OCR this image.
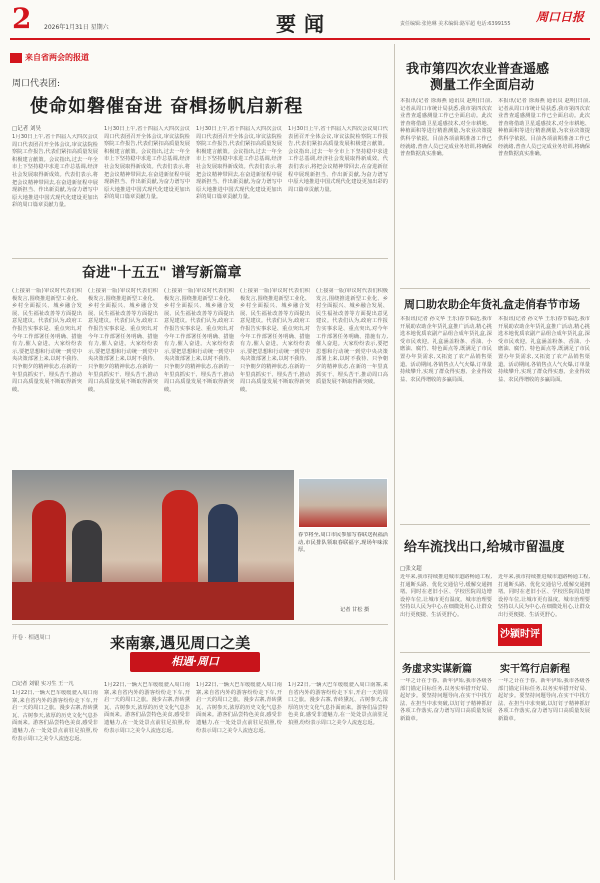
2 2026年1月31日 星期六	要闻	责任编辑:张艳琳 美术编辑:路军超 电话:6399155 周口日报
来自省两会的报道
周口代表团:
使命如磐催奋进 奋楫扬帆启新程
□记者 刘昊
1月30日上午,省十四届人大四次会议周口代表团召开全体会议,审议法院检察院工作报告,代表们紧扣高质量发展积极建言献策。会议指出,过去一年全市上下坚持稳中求进工作总基调,经济社会发展取得新成效。代表们表示,将把会议精神带回去,在奋进新征程中展现新担当、作出新贡献,为奋力谱写中原大地推进中国式现代化建设更加出彩的周口篇章贡献力量。
1月30日上午,省十四届人大四次会议周口代表团召开全体会议,审议法院检察院工作报告,代表们紧扣高质量发展积极建言献策。会议指出,过去一年全市上下坚持稳中求进工作总基调,经济社会发展取得新成效。代表们表示,将把会议精神带回去,在奋进新征程中展现新担当、作出新贡献,为奋力谱写中原大地推进中国式现代化建设更加出彩的周口篇章贡献力量。
1月30日上午,省十四届人大四次会议周口代表团召开全体会议,审议法院检察院工作报告,代表们紧扣高质量发展积极建言献策。会议指出,过去一年全市上下坚持稳中求进工作总基调,经济社会发展取得新成效。代表们表示,将把会议精神带回去,在奋进新征程中展现新担当、作出新贡献,为奋力谱写中原大地推进中国式现代化建设更加出彩的周口篇章贡献力量。
1月30日上午,省十四届人大四次会议周口代表团召开全体会议,审议法院检察院工作报告,代表们紧扣高质量发展积极建言献策。会议指出,过去一年全市上下坚持稳中求进工作总基调,经济社会发展取得新成效。代表们表示,将把会议精神带回去,在奋进新征程中展现新担当、作出新贡献,为奋力谱写中原大地推进中国式现代化建设更加出彩的周口篇章贡献力量。
奋进"十五五" 谱写新篇章
(上接第一版)审议时代表们积极发言,围绕推进新型工业化、乡村全面振兴、城乡融合发展、民生福祉改善等方面提出意见建议。代表们认为,政府工作报告实事求是、重点突出,对今年工作部署任务明确、措施有力,催人奋进。大家纷纷表示,要把思想和行动统一到党中央决策部署上来,以时不我待、只争朝夕的精神状态,在新的一年里真抓实干、埋头苦干,推动周口高质量发展不断取得新突破。
(上接第一版)审议时代表们积极发言,围绕推进新型工业化、乡村全面振兴、城乡融合发展、民生福祉改善等方面提出意见建议。代表们认为,政府工作报告实事求是、重点突出,对今年工作部署任务明确、措施有力,催人奋进。大家纷纷表示,要把思想和行动统一到党中央决策部署上来,以时不我待、只争朝夕的精神状态,在新的一年里真抓实干、埋头苦干,推动周口高质量发展不断取得新突破。
(上接第一版)审议时代表们积极发言,围绕推进新型工业化、乡村全面振兴、城乡融合发展、民生福祉改善等方面提出意见建议。代表们认为,政府工作报告实事求是、重点突出,对今年工作部署任务明确、措施有力,催人奋进。大家纷纷表示,要把思想和行动统一到党中央决策部署上来,以时不我待、只争朝夕的精神状态,在新的一年里真抓实干、埋头苦干,推动周口高质量发展不断取得新突破。
(上接第一版)审议时代表们积极发言,围绕推进新型工业化、乡村全面振兴、城乡融合发展、民生福祉改善等方面提出意见建议。代表们认为,政府工作报告实事求是、重点突出,对今年工作部署任务明确、措施有力,催人奋进。大家纷纷表示,要把思想和行动统一到党中央决策部署上来,以时不我待、只争朝夕的精神状态,在新的一年里真抓实干、埋头苦干,推动周口高质量发展不断取得新突破。
(上接第一版)审议时代表们积极发言,围绕推进新型工业化、乡村全面振兴、城乡融合发展、民生福祉改善等方面提出意见建议。代表们认为,政府工作报告实事求是、重点突出,对今年工作部署任务明确、措施有力,催人奋进。大家纷纷表示,要把思想和行动统一到党中央决策部署上来,以时不我待、只争朝夕的精神状态,在新的一年里真抓实干、埋头苦干,推动周口高质量发展不断取得新突破。
春节将至,周口市民参加写春联送祝福活动,市民排队领取春联福字,现场年味浓厚。
记者 甘松 摄
我市第四次农业普查遥感
测量工作全面启动
本报讯(记者 徐海燕 通讯员 赵明)日前,记者从周口市统计局获悉,我市第四次农业普查遥感测量工作已全面启动。此次普查将借助卫星遥感技术,对全市耕地、种植面积等进行精准测量,为农业决策提供科学依据。目前各项前期准备工作已经就绪,普查人员已完成业务培训,将确保普查数据真实准确。
本报讯(记者 徐海燕 通讯员 赵明)日前,记者从周口市统计局获悉,我市第四次农业普查遥感测量工作已全面启动。此次普查将借助卫星遥感技术,对全市耕地、种植面积等进行精准测量,为农业决策提供科学依据。目前各项前期准备工作已经就绪,普查人员已完成业务培训,将确保普查数据真实准确。
周口助农助企年货礼盒走俏春节市场
本报讯(记者 孙文华 王乐)春节临近,我市开展助农助企年货礼盒推广活动,精心挑选本地优质农副产品组合成年货礼盒,深受市民欢迎。礼盒涵盖粉条、香油、小磨油、腐竹、特色面点等,既满足了市民置办年货需求,又拓宽了农产品销售渠道。活动期间,各销售点人气火爆,订单量持续攀升,实现了群众得实惠、企业得效益、农民得增收的多赢局面。
本报讯(记者 孙文华 王乐)春节临近,我市开展助农助企年货礼盒推广活动,精心挑选本地优质农副产品组合成年货礼盒,深受市民欢迎。礼盒涵盖粉条、香油、小磨油、腐竹、特色面点等,既满足了市民置办年货需求,又拓宽了农产品销售渠道。活动期间,各销售点人气火爆,订单量持续攀升,实现了群众得实惠、企业得效益、农民得增收的多赢局面。
给车流找出口,给城市留温度
□张文超
近年来,我市持续推进城市道路畅通工程,打通断头路、优化交通信号,缓解交通拥堵。同时在老旧小区、学校医院周边增设停车位,让城市更有温度。城市治理要坚持以人民为中心,在细微处用心,让群众出行更便捷、生活更舒心。
近年来,我市持续推进城市道路畅通工程,打通断头路、优化交通信号,缓解交通拥堵。同时在老旧小区、学校医院周边增设停车位,让城市更有温度。城市治理要坚持以人民为中心,在细微处用心,让群众出行更便捷、生活更舒心。
沙颍时评
来南寨,遇见周口之美
相遇·周口
开卷 · 相遇周口
□记者 刘银 实习生 王一凡
1月22日,一辆大巴车缓缓驶入周口南寨,来自省内外的游客纷纷走下车,开启一天的周口之旅。漫步古寨,青砖黛瓦、古树参天,浓厚的历史文化气息扑面而来。游客们品尝特色美食,感受非遗魅力,在一处处景点前驻足拍照,纷纷表示周口之美令人流连忘返。
1月22日,一辆大巴车缓缓驶入周口南寨,来自省内外的游客纷纷走下车,开启一天的周口之旅。漫步古寨,青砖黛瓦、古树参天,浓厚的历史文化气息扑面而来。游客们品尝特色美食,感受非遗魅力,在一处处景点前驻足拍照,纷纷表示周口之美令人流连忘返。
1月22日,一辆大巴车缓缓驶入周口南寨,来自省内外的游客纷纷走下车,开启一天的周口之旅。漫步古寨,青砖黛瓦、古树参天,浓厚的历史文化气息扑面而来。游客们品尝特色美食,感受非遗魅力,在一处处景点前驻足拍照,纷纷表示周口之美令人流连忘返。
1月22日,一辆大巴车缓缓驶入周口南寨,来自省内外的游客纷纷走下车,开启一天的周口之旅。漫步古寨,青砖黛瓦、古树参天,浓厚的历史文化气息扑面而来。游客们品尝特色美食,感受非遗魅力,在一处处景点前驻足拍照,纷纷表示周口之美令人流连忘返。
务虚求实谋新篇	实干笃行启新程
一年之计在于春。新年伊始,我市各级各部门锚定目标任务,以务实举措开好局、起好步。要坚持问题导向,在实干中找方法、在担当中求突破,以钉钉子精神抓好各项工作落实,奋力谱写周口高质量发展新篇章。
一年之计在于春。新年伊始,我市各级各部门锚定目标任务,以务实举措开好局、起好步。要坚持问题导向,在实干中找方法、在担当中求突破,以钉钉子精神抓好各项工作落实,奋力谱写周口高质量发展新篇章。
